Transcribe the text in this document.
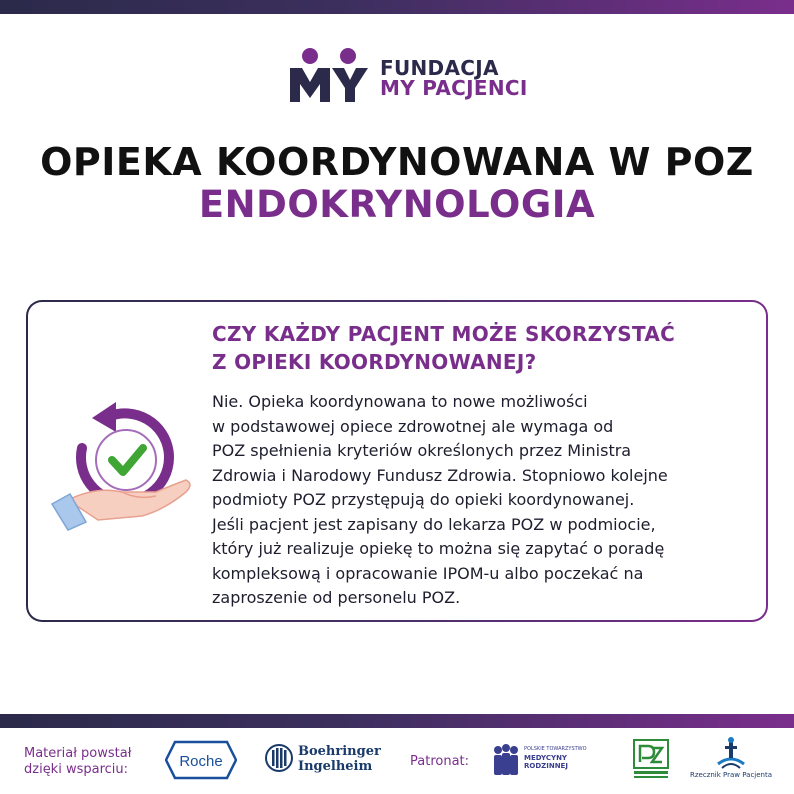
FUNDACJA
MY PACJENCI
OPIEKA KOORDYNOWANA W POZ
ENDOKRYNOLOGIA
CZY KAŻDY PACJENT MOŻE SKORZYSTAĆ
Z OPIEKI KOORDYNOWANEJ?
Nie. Opieka koordynowana to nowe możliwości
w podstawowej opiece zdrowotnej ale wymaga od
POZ spełnienia kryteriów określonych przez Ministra
Zdrowia i Narodowy Fundusz Zdrowia. Stopniowo kolejne
podmioty POZ przystępują do opieki koordynowanej.
Jeśli pacjent jest zapisany do lekarza POZ w podmiocie,
który już realizuje opiekę to można się zapytać o poradę
kompleksową i opracowanie IPOM-u albo poczekać na
zaproszenie od personelu POZ.
Materiał powstał
dzięki wsparciu:	Roche
Boehringer
Ingelheim	Patronat:
POLSKIE TOWARZYSTWO
MEDYCYNY RODZINNEJ
Rzecznik Praw Pacjenta
